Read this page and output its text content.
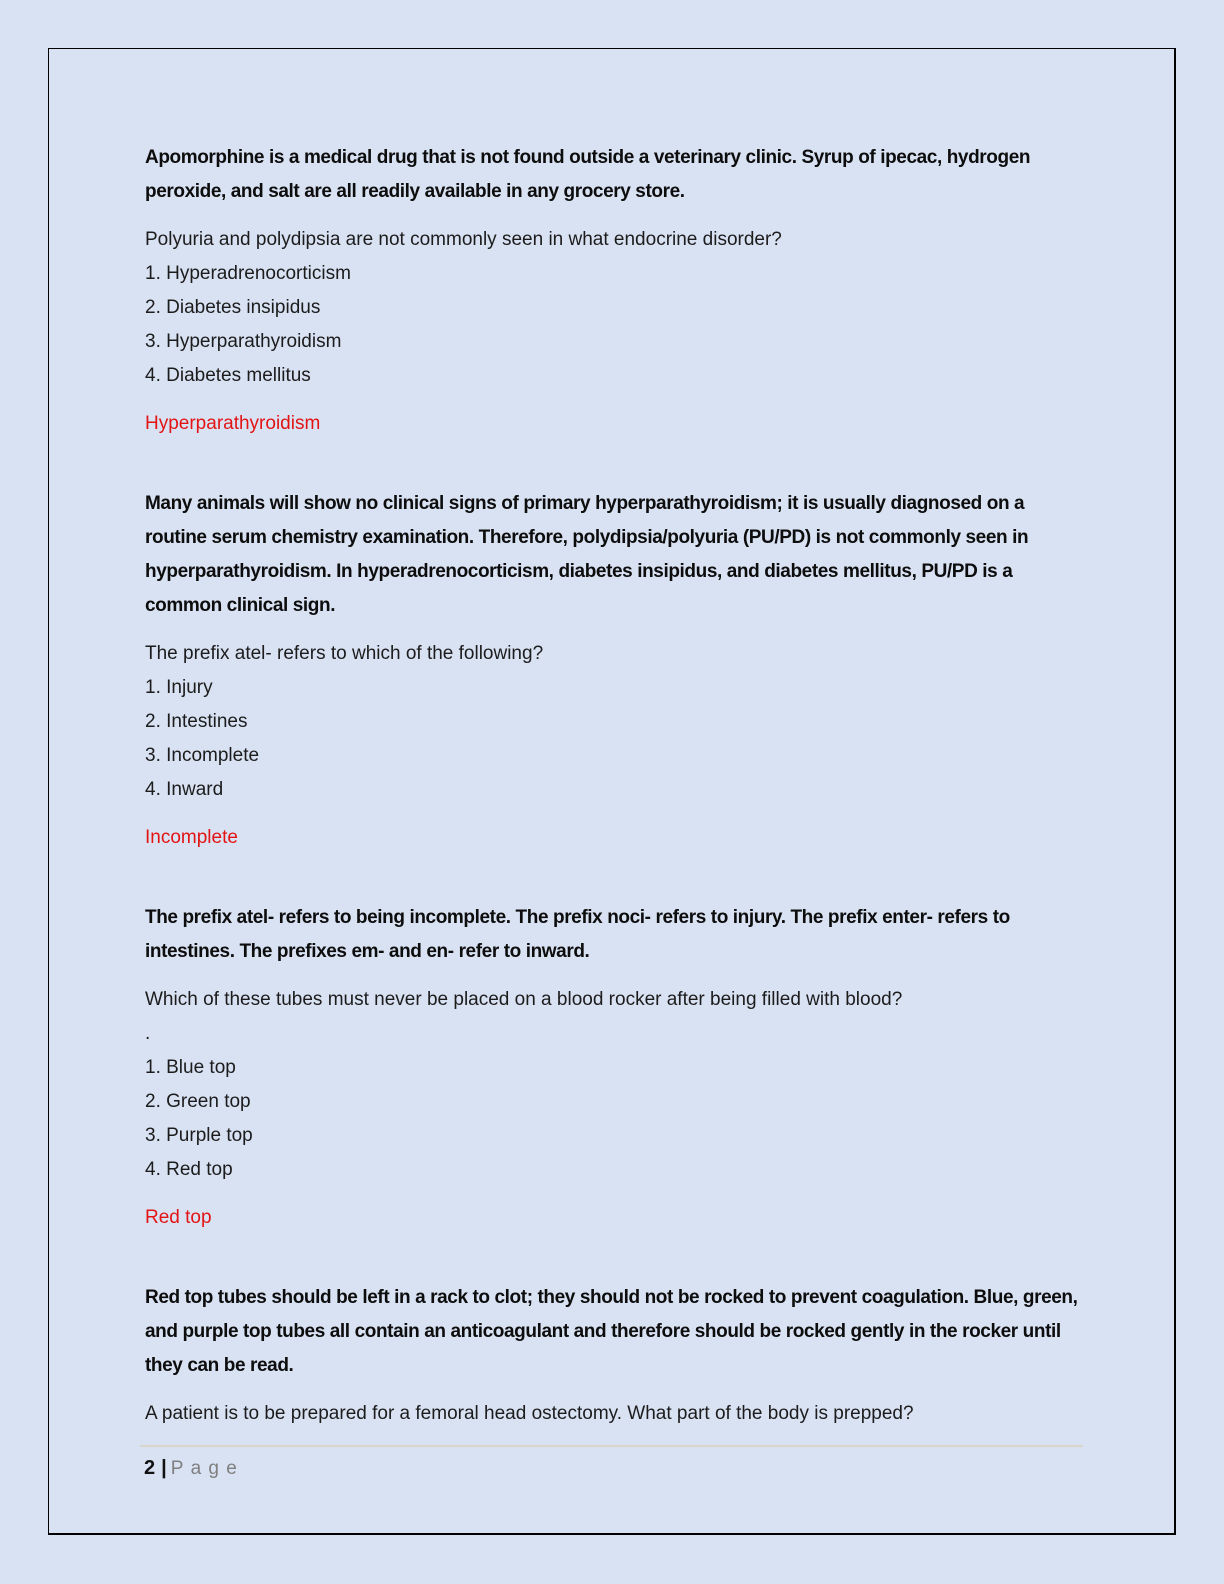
Apomorphine is a medical drug that is not found outside a veterinary clinic. Syrup of ipecac, hydrogen peroxide, and salt are all readily available in any grocery store.

Polyuria and polydipsia are not commonly seen in what endocrine disorder?
1. Hyperadrenocorticism
2. Diabetes insipidus
3. Hyperparathyroidism
4. Diabetes mellitus

Hyperparathyroidism

Many animals will show no clinical signs of primary hyperparathyroidism; it is usually diagnosed on a routine serum chemistry examination. Therefore, polydipsia/polyuria (PU/PD) is not commonly seen in hyperparathyroidism. In hyperadrenocorticism, diabetes insipidus, and diabetes mellitus, PU/PD is a common clinical sign.

The prefix atel- refers to which of the following?
1. Injury
2. Intestines
3. Incomplete
4. Inward

Incomplete

The prefix atel- refers to being incomplete. The prefix noci- refers to injury. The prefix enter- refers to intestines. The prefixes em- and en- refer to inward.

Which of these tubes must never be placed on a blood rocker after being filled with blood?
.
1. Blue top
2. Green top
3. Purple top
4. Red top

Red top

Red top tubes should be left in a rack to clot; they should not be rocked to prevent coagulation. Blue, green, and purple top tubes all contain an anticoagulant and therefore should be rocked gently in the rocker until they can be read.

A patient is to be prepared for a femoral head ostectomy. What part of the body is prepped?

2 | Page
